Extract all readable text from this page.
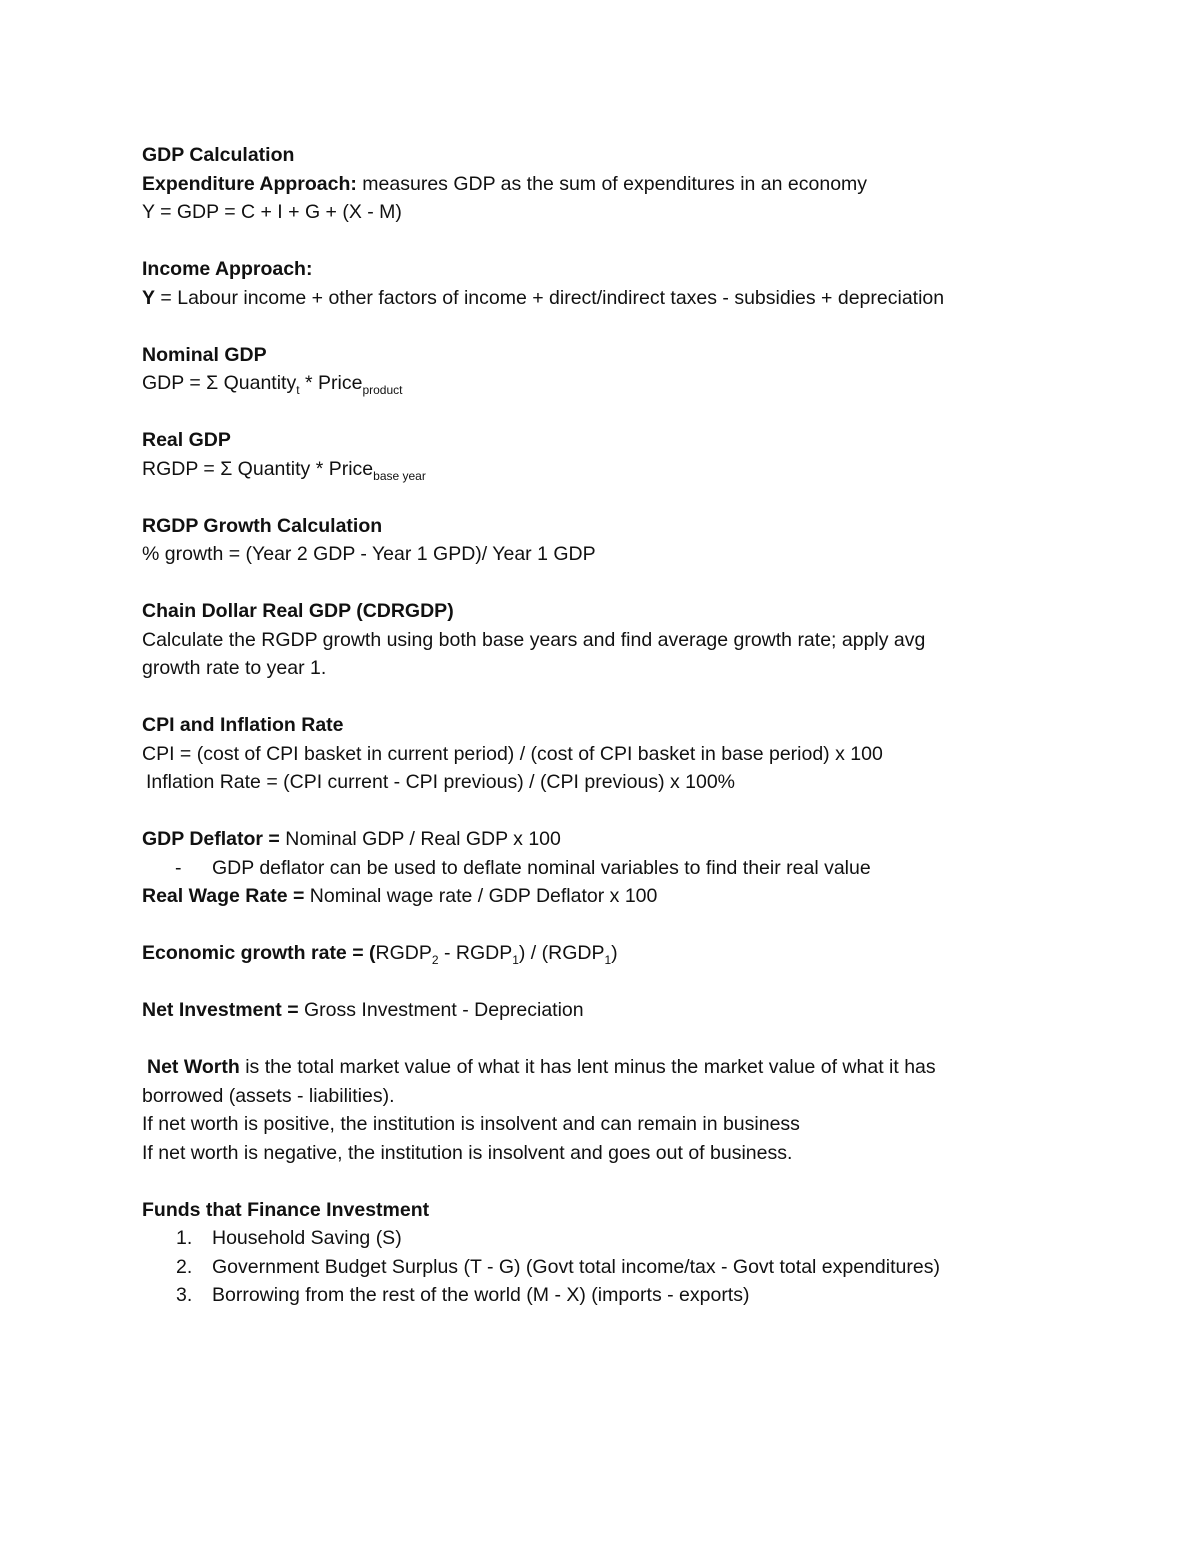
GDP Calculation
Expenditure Approach: measures GDP as the sum of expenditures in an economy
Y = GDP = C + I + G + (X - M)
Income Approach:
Y = Labour income + other factors of income + direct/indirect taxes - subsidies + depreciation
Nominal GDP
GDP = Σ Quantity$_t$ * Price$_{product}$
Real GDP
RGDP = Σ Quantity * Price$_{base year}$
RGDP Growth Calculation
% growth = (Year 2 GDP - Year 1 GPD)/ Year 1 GDP
Chain Dollar Real GDP (CDRGDP)
Calculate the RGDP growth using both base years and find average growth rate; apply avg
growth rate to year 1.
CPI and Inflation Rate
CPI = (cost of CPI basket in current period) / (cost of CPI basket in base period) x 100
Inflation Rate = (CPI current - CPI previous) / (CPI previous) x 100%
GDP Deflator = Nominal GDP / Real GDP x 100
- GDP deflator can be used to deflate nominal variables to find their real value
Real Wage Rate = Nominal wage rate / GDP Deflator x 100
Economic growth rate = ($RGDP_2$ - $RGDP_1$) / $(RGDP_1)$
Net Investment = Gross Investment - Depreciation
Net Worth is the total market value of what it has lent minus the market value of what it has
borrowed (assets - liabilities).
If net worth is positive, the institution is insolvent and can remain in business
If net worth is negative, the institution is insolvent and goes out of business.
Funds that Finance Investment
1. Household Saving (S)
2. Government Budget Surplus (T - G) (Govt total income/tax - Govt total expenditures)
3. Borrowing from the rest of the world (M - X) (imports - exports)
